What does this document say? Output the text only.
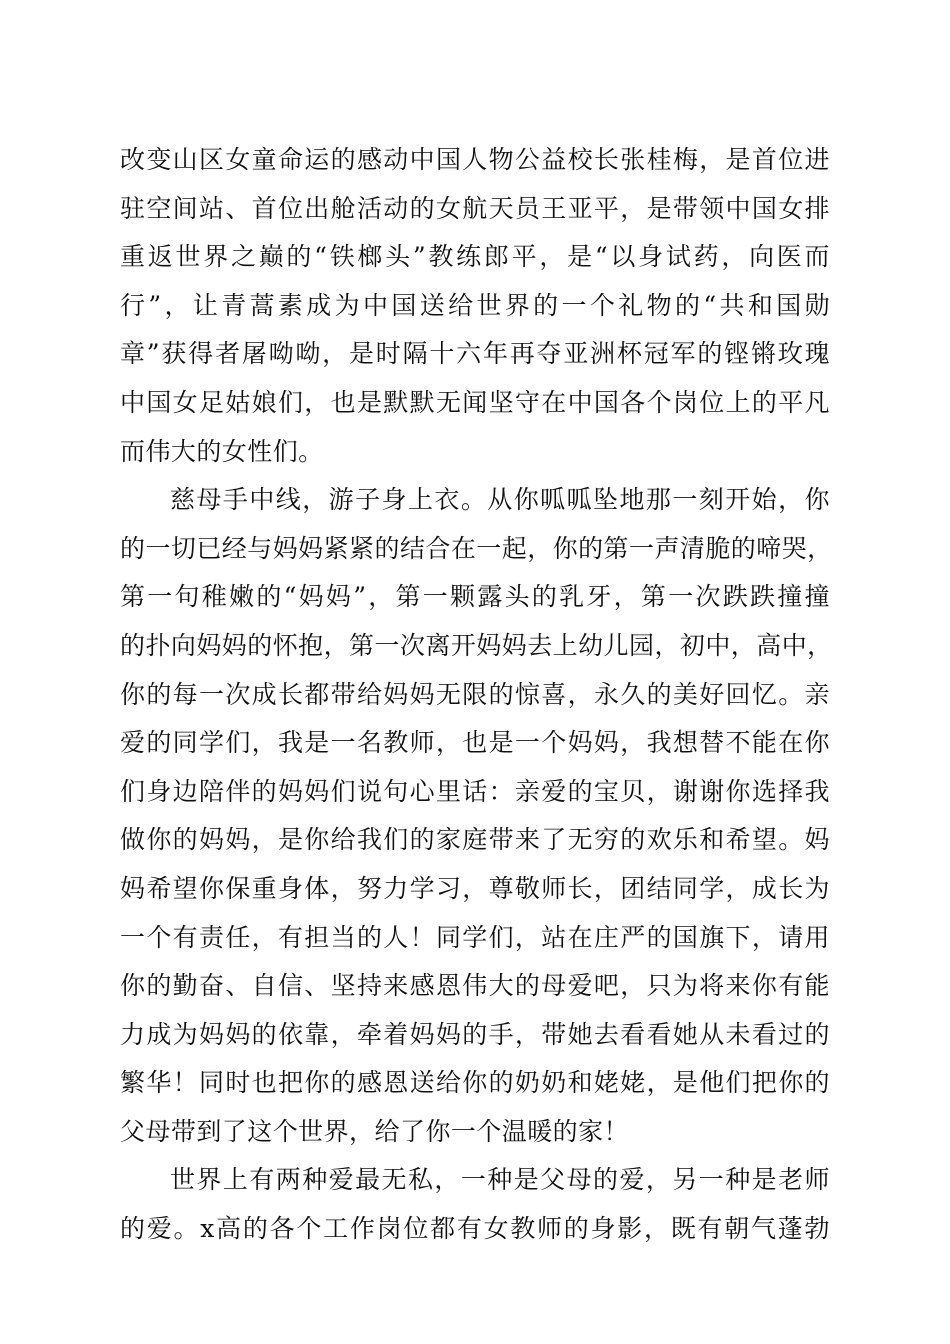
改变山区女童命运的感动中国人物公益校长张桂梅，是首位进
驻空间站、首位出舱活动的女航天员王亚平，是带领中国女排
重返世界之巅的“铁榔头”教练郎平，是“以身试药，向医而
行”，让青蒿素成为中国送给世界的一个礼物的“共和国勋
章”获得者屠呦呦，是时隔十六年再夺亚洲杯冠军的铿锵玫瑰
中国女足姑娘们，也是默默无闻坚守在中国各个岗位上的平凡
而伟大的女性们。
慈母手中线，游子身上衣。从你呱呱坠地那一刻开始，你
的一切已经与妈妈紧紧的结合在一起，你的第一声清脆的啼哭，
第一句稚嫩的“妈妈”，第一颗露头的乳牙，第一次跌跌撞撞
的扑向妈妈的怀抱，第一次离开妈妈去上幼儿园，初中，高中，
你的每一次成长都带给妈妈无限的惊喜，永久的美好回忆。亲
爱的同学们，我是一名教师，也是一个妈妈，我想替不能在你
们身边陪伴的妈妈们说句心里话：亲爱的宝贝，谢谢你选择我
做你的妈妈，是你给我们的家庭带来了无穷的欢乐和希望。妈
妈希望你保重身体，努力学习，尊敬师长，团结同学，成长为
一个有责任，有担当的人！同学们，站在庄严的国旗下，请用
你的勤奋、自信、坚持来感恩伟大的母爱吧，只为将来你有能
力成为妈妈的依靠，牵着妈妈的手，带她去看看她从未看过的
繁华！同时也把你的感恩送给你的奶奶和姥姥，是他们把你的
父母带到了这个世界，给了你一个温暖的家！
世界上有两种爱最无私，一种是父母的爱，另一种是老师
的爱。x高的各个工作岗位都有女教师的身影，既有朝气蓬勃
